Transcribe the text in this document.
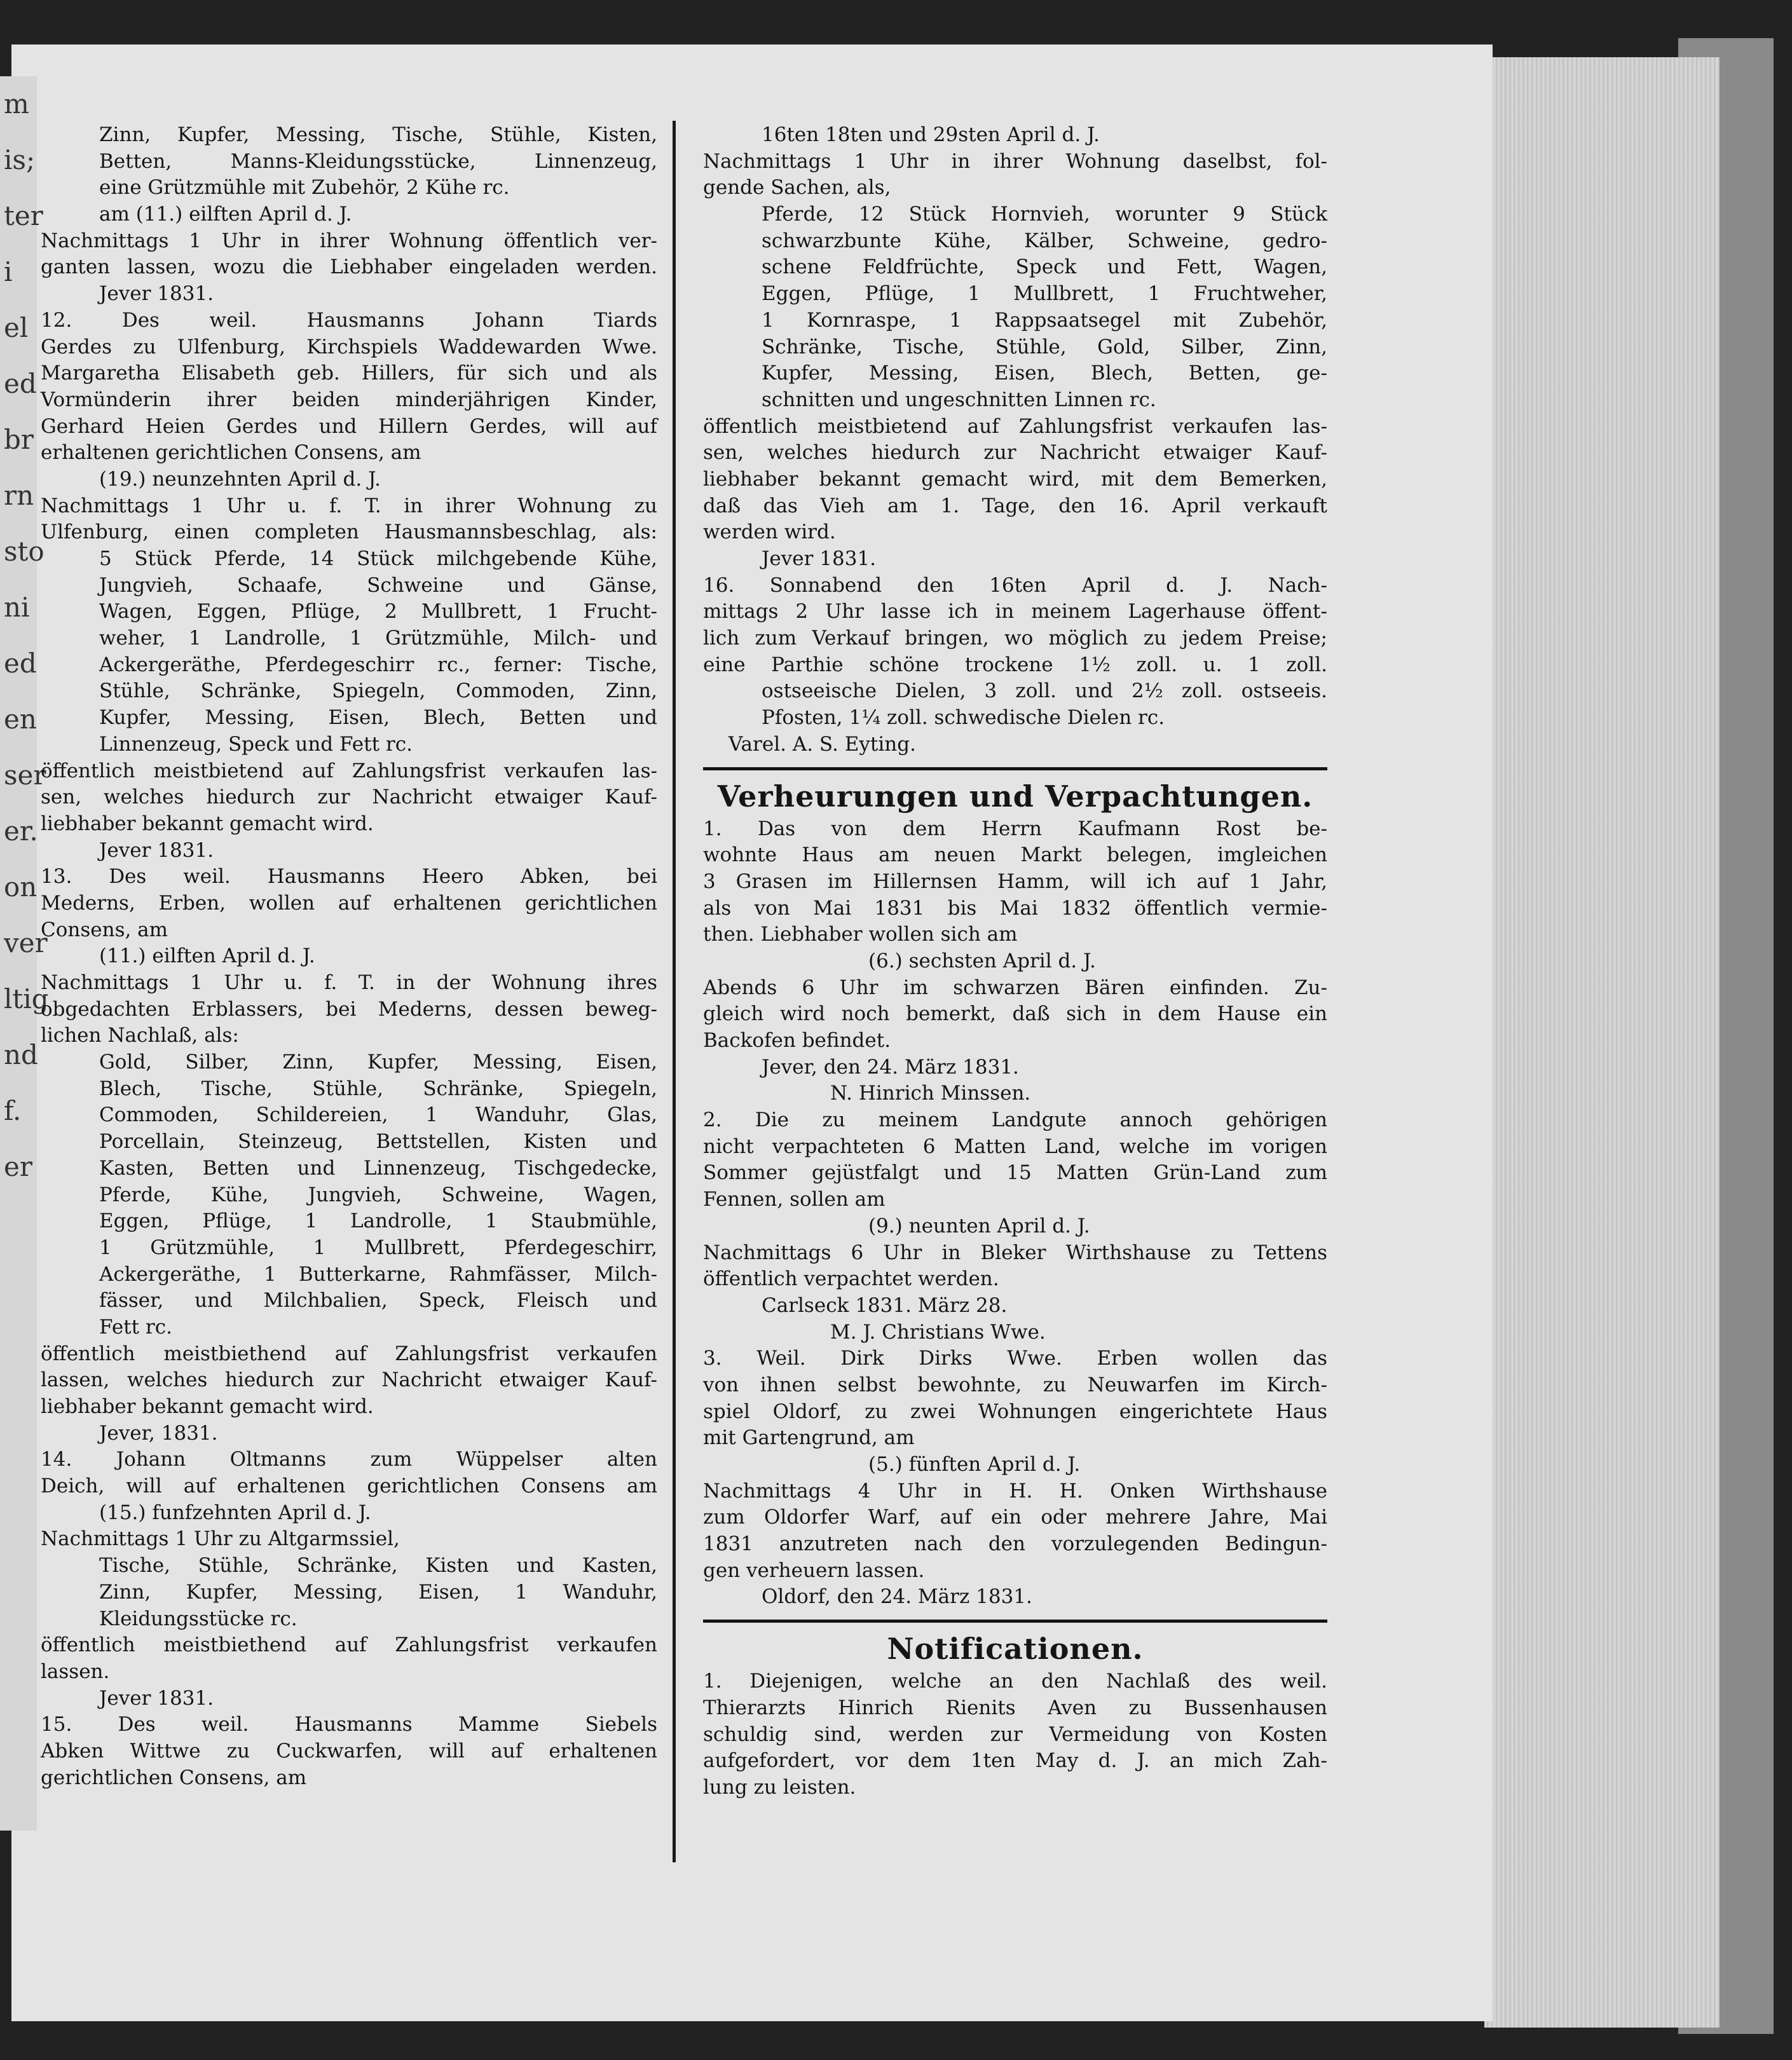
m
is;
ter
i
el
ed
br
rn
sto
ni
ed
en
ser
er.
on
ver
ltig
nd
f.
er
Zinn, Kupfer, Messing, Tische, Stühle, Kisten,
Betten, Manns-Kleidungsstücke, Linnenzeug,
eine Grützmühle mit Zubehör, 2 Kühe rc.
am (11.) eilften April d. J.
Nachmittags 1 Uhr in ihrer Wohnung öffentlich ver-
ganten lassen, wozu die Liebhaber eingeladen werden.
Jever 1831.
12. Des weil. Hausmanns Johann Tiards
Gerdes zu Ulfenburg, Kirchspiels Waddewarden Wwe.
Margaretha Elisabeth geb. Hillers, für sich und als
Vormünderin ihrer beiden minderjährigen Kinder,
Gerhard Heien Gerdes und Hillern Gerdes, will auf
erhaltenen gerichtlichen Consens, am
(19.) neunzehnten April d. J.
Nachmittags 1 Uhr u. f. T. in ihrer Wohnung zu
Ulfenburg, einen completen Hausmannsbeschlag, als:
5 Stück Pferde, 14 Stück milchgebende Kühe,
Jungvieh, Schaafe, Schweine und Gänse,
Wagen, Eggen, Pflüge, 2 Mullbrett, 1 Frucht-
weher, 1 Landrolle, 1 Grützmühle, Milch- und
Ackergeräthe, Pferdegeschirr rc., ferner: Tische,
Stühle, Schränke, Spiegeln, Commoden, Zinn,
Kupfer, Messing, Eisen, Blech, Betten und
Linnenzeug, Speck und Fett rc.
öffentlich meistbietend auf Zahlungsfrist verkaufen las-
sen, welches hiedurch zur Nachricht etwaiger Kauf-
liebhaber bekannt gemacht wird.
Jever 1831.
13. Des weil. Hausmanns Heero Abken, bei
Mederns, Erben, wollen auf erhaltenen gerichtlichen
Consens, am
(11.) eilften April d. J.
Nachmittags 1 Uhr u. f. T. in der Wohnung ihres
obgedachten Erblassers, bei Mederns, dessen beweg-
lichen Nachlaß, als:
Gold, Silber, Zinn, Kupfer, Messing, Eisen,
Blech, Tische, Stühle, Schränke, Spiegeln,
Commoden, Schildereien, 1 Wanduhr, Glas,
Porcellain, Steinzeug, Bettstellen, Kisten und
Kasten, Betten und Linnenzeug, Tischgedecke,
Pferde, Kühe, Jungvieh, Schweine, Wagen,
Eggen, Pflüge, 1 Landrolle, 1 Staubmühle,
1 Grützmühle, 1 Mullbrett, Pferdegeschirr,
Ackergeräthe, 1 Butterkarne, Rahmfässer, Milch-
fässer, und Milchbalien, Speck, Fleisch und
Fett rc.
öffentlich meistbiethend auf Zahlungsfrist verkaufen
lassen, welches hiedurch zur Nachricht etwaiger Kauf-
liebhaber bekannt gemacht wird.
Jever, 1831.
14. Johann Oltmanns zum Wüppelser alten
Deich, will auf erhaltenen gerichtlichen Consens am
(15.) funfzehnten April d. J.
Nachmittags 1 Uhr zu Altgarmssiel,
Tische, Stühle, Schränke, Kisten und Kasten,
Zinn, Kupfer, Messing, Eisen, 1 Wanduhr,
Kleidungsstücke rc.
öffentlich meistbiethend auf Zahlungsfrist verkaufen
lassen.
Jever 1831.
15. Des weil. Hausmanns Mamme Siebels
Abken Wittwe zu Cuckwarfen, will auf erhaltenen
gerichtlichen Consens, am
16ten 18ten und 29sten April d. J.
Nachmittags 1 Uhr in ihrer Wohnung daselbst, fol-
gende Sachen, als,
Pferde, 12 Stück Hornvieh, worunter 9 Stück
schwarzbunte Kühe, Kälber, Schweine, gedro-
schene Feldfrüchte, Speck und Fett, Wagen,
Eggen, Pflüge, 1 Mullbrett, 1 Fruchtweher,
1 Kornraspe, 1 Rappsaatsegel mit Zubehör,
Schränke, Tische, Stühle, Gold, Silber, Zinn,
Kupfer, Messing, Eisen, Blech, Betten, ge-
schnitten und ungeschnitten Linnen rc.
öffentlich meistbietend auf Zahlungsfrist verkaufen las-
sen, welches hiedurch zur Nachricht etwaiger Kauf-
liebhaber bekannt gemacht wird, mit dem Bemerken,
daß das Vieh am 1. Tage, den 16. April verkauft
werden wird.
Jever 1831.
16. Sonnabend den 16ten April d. J. Nach-
mittags 2 Uhr lasse ich in meinem Lagerhause öffent-
lich zum Verkauf bringen, wo möglich zu jedem Preise;
eine Parthie schöne trockene 1½ zoll. u. 1 zoll.
ostseeische Dielen, 3 zoll. und 2½ zoll. ostseeis.
Pfosten, 1¼ zoll. schwedische Dielen rc.
Varel. A. S. Eyting.
Verheurungen und Verpachtungen.
1. Das von dem Herrn Kaufmann Rost be-
wohnte Haus am neuen Markt belegen, imgleichen
3 Grasen im Hillernsen Hamm, will ich auf 1 Jahr,
als von Mai 1831 bis Mai 1832 öffentlich vermie-
then. Liebhaber wollen sich am
(6.) sechsten April d. J.
Abends 6 Uhr im schwarzen Bären einfinden. Zu-
gleich wird noch bemerkt, daß sich in dem Hause ein
Backofen befindet.
Jever, den 24. März 1831.
N. Hinrich Minssen.
2. Die zu meinem Landgute annoch gehörigen
nicht verpachteten 6 Matten Land, welche im vorigen
Sommer gejüstfalgt und 15 Matten Grün-Land zum
Fennen, sollen am
(9.) neunten April d. J.
Nachmittags 6 Uhr in Bleker Wirthshause zu Tettens
öffentlich verpachtet werden.
Carlseck 1831. März 28.
M. J. Christians Wwe.
3. Weil. Dirk Dirks Wwe. Erben wollen das
von ihnen selbst bewohnte, zu Neuwarfen im Kirch-
spiel Oldorf, zu zwei Wohnungen eingerichtete Haus
mit Gartengrund, am
(5.) fünften April d. J.
Nachmittags 4 Uhr in H. H. Onken Wirthshause
zum Oldorfer Warf, auf ein oder mehrere Jahre, Mai
1831 anzutreten nach den vorzulegenden Bedingun-
gen verheuern lassen.
Oldorf, den 24. März 1831.
Notificationen.
1. Diejenigen, welche an den Nachlaß des weil.
Thierarzts Hinrich Rienits Aven zu Bussenhausen
schuldig sind, werden zur Vermeidung von Kosten
aufgefordert, vor dem 1ten May d. J. an mich Zah-
lung zu leisten.
